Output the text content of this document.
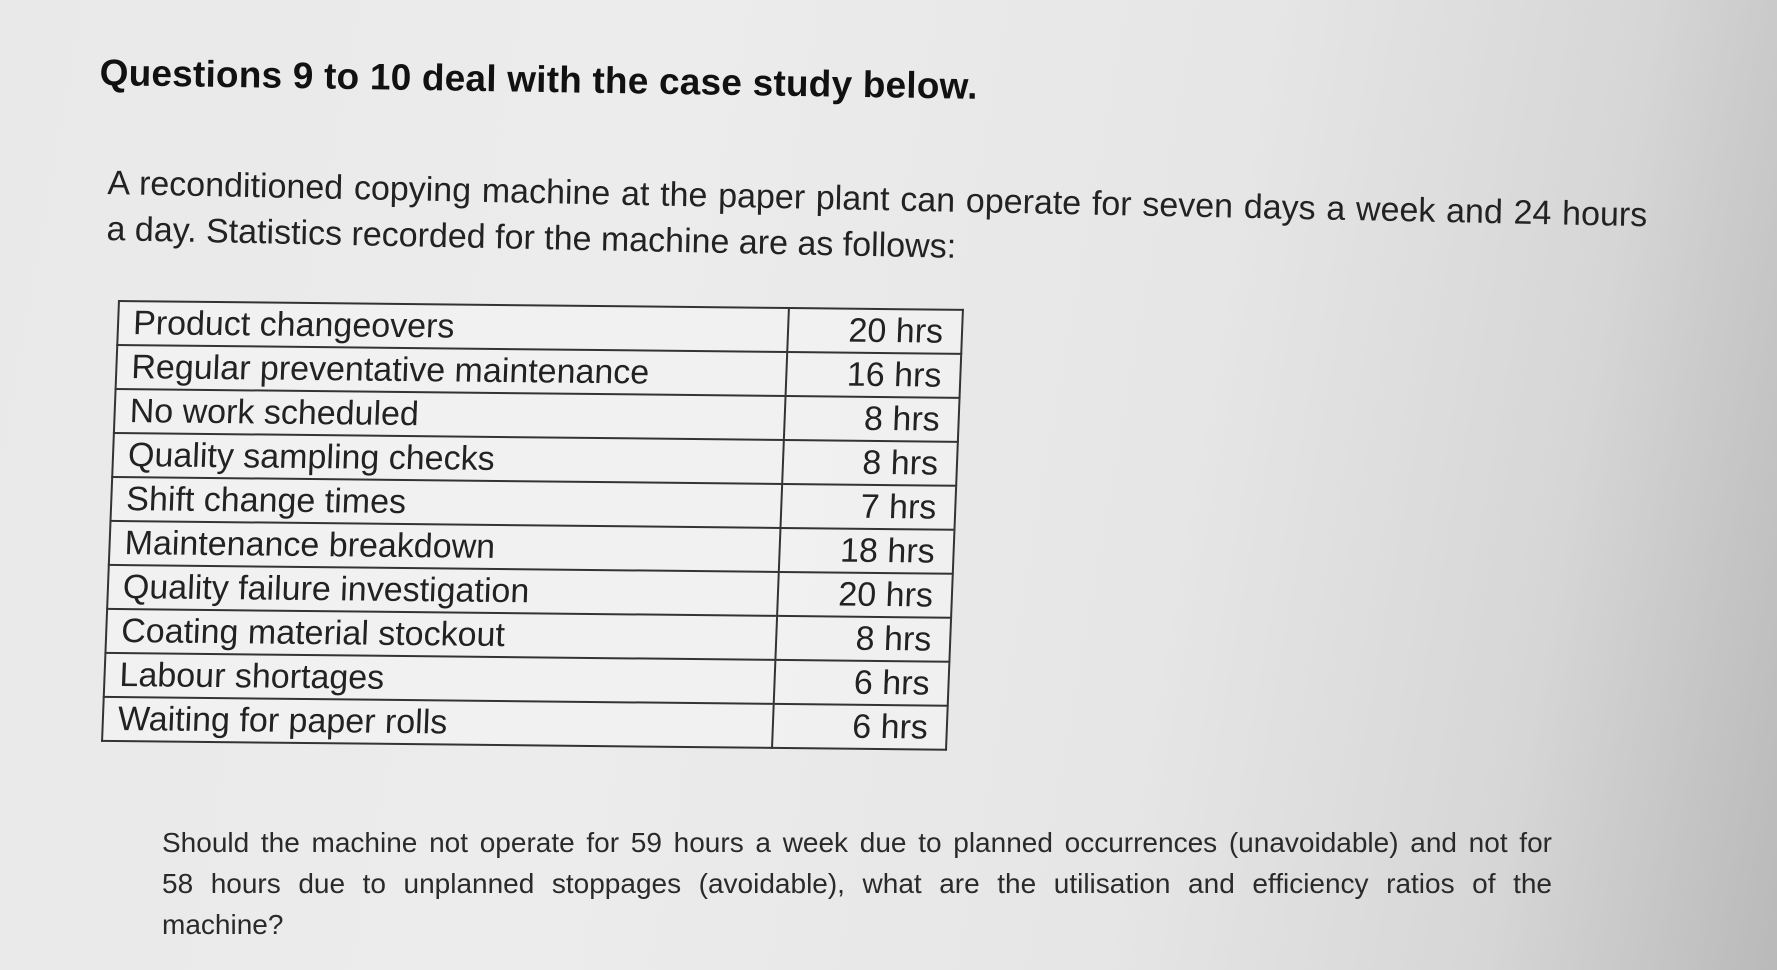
Questions 9 to 10 deal with the case study below.
A reconditioned copying machine at the paper plant can operate for seven days a week and 24 hours a day. Statistics recorded for the machine are as follows:
Product changeovers	20 hrs
Regular preventative maintenance	16 hrs
No work scheduled	8 hrs
Quality sampling checks	8 hrs
Shift change times	7 hrs
Maintenance breakdown	18 hrs
Quality failure investigation	20 hrs
Coating material stockout	8 hrs
Labour shortages	6 hrs
Waiting for paper rolls	6 hrs
Should the machine not operate for 59 hours a week due to planned occurrences (unavoidable) and not for 58 hours due to unplanned stoppages (avoidable), what are the utilisation and efficiency ratios of the machine?
